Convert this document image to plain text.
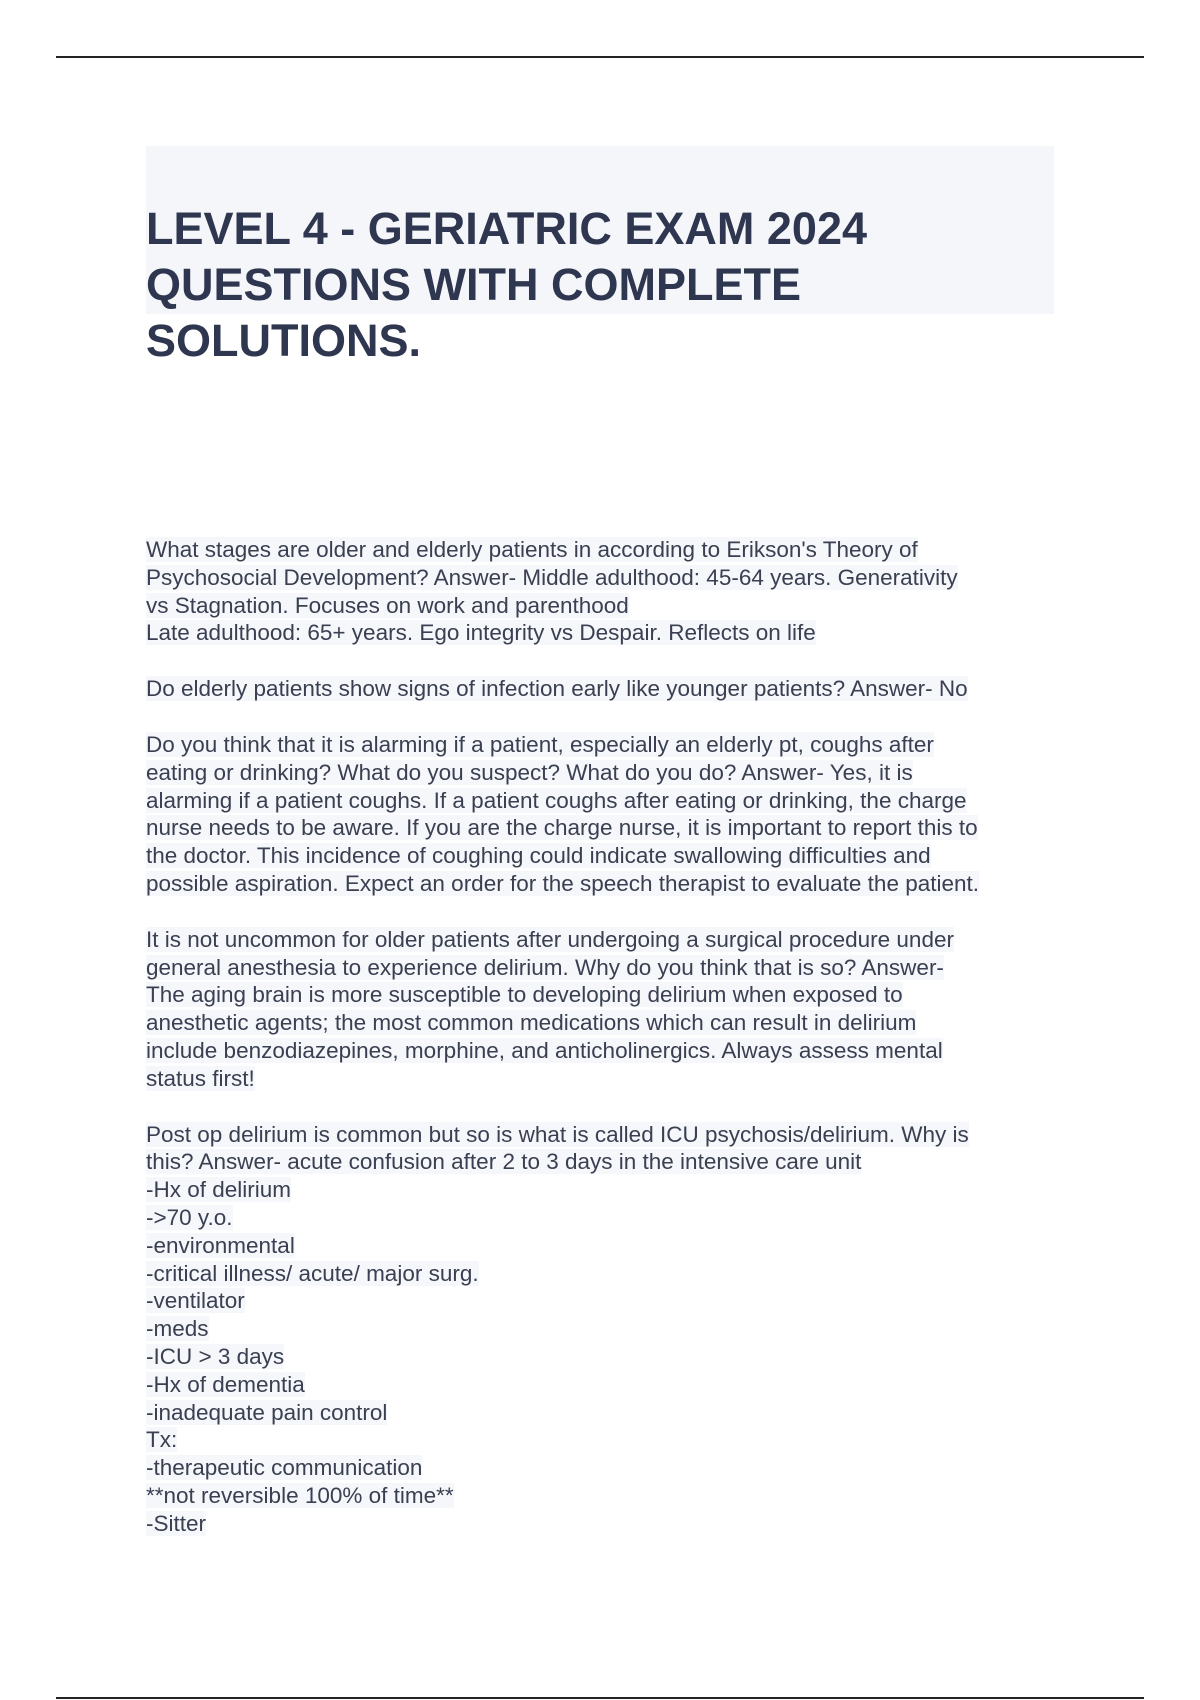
LEVEL 4 - GERIATRIC EXAM 2024
QUESTIONS WITH COMPLETE
SOLUTIONS.

What stages are older and elderly patients in according to Erikson's Theory of
Psychosocial Development? Answer- Middle adulthood: 45-64 years. Generativity
vs Stagnation. Focuses on work and parenthood
Late adulthood: 65+ years. Ego integrity vs Despair. Reflects on life

Do elderly patients show signs of infection early like younger patients? Answer- No

Do you think that it is alarming if a patient, especially an elderly pt, coughs after
eating or drinking? What do you suspect? What do you do? Answer- Yes, it is
alarming if a patient coughs. If a patient coughs after eating or drinking, the charge
nurse needs to be aware. If you are the charge nurse, it is important to report this to
the doctor. This incidence of coughing could indicate swallowing difficulties and
possible aspiration. Expect an order for the speech therapist to evaluate the patient.

It is not uncommon for older patients after undergoing a surgical procedure under
general anesthesia to experience delirium. Why do you think that is so? Answer-
The aging brain is more susceptible to developing delirium when exposed to
anesthetic agents; the most common medications which can result in delirium
include benzodiazepines, morphine, and anticholinergics. Always assess mental
status first!

Post op delirium is common but so is what is called ICU psychosis/delirium. Why is
this? Answer- acute confusion after 2 to 3 days in the intensive care unit
-Hx of delirium
->70 y.o.
-environmental
-critical illness/ acute/ major surg.
-ventilator
-meds
-ICU > 3 days
-Hx of dementia
-inadequate pain control
Tx:
-therapeutic communication
**not reversible 100% of time**
-Sitter
